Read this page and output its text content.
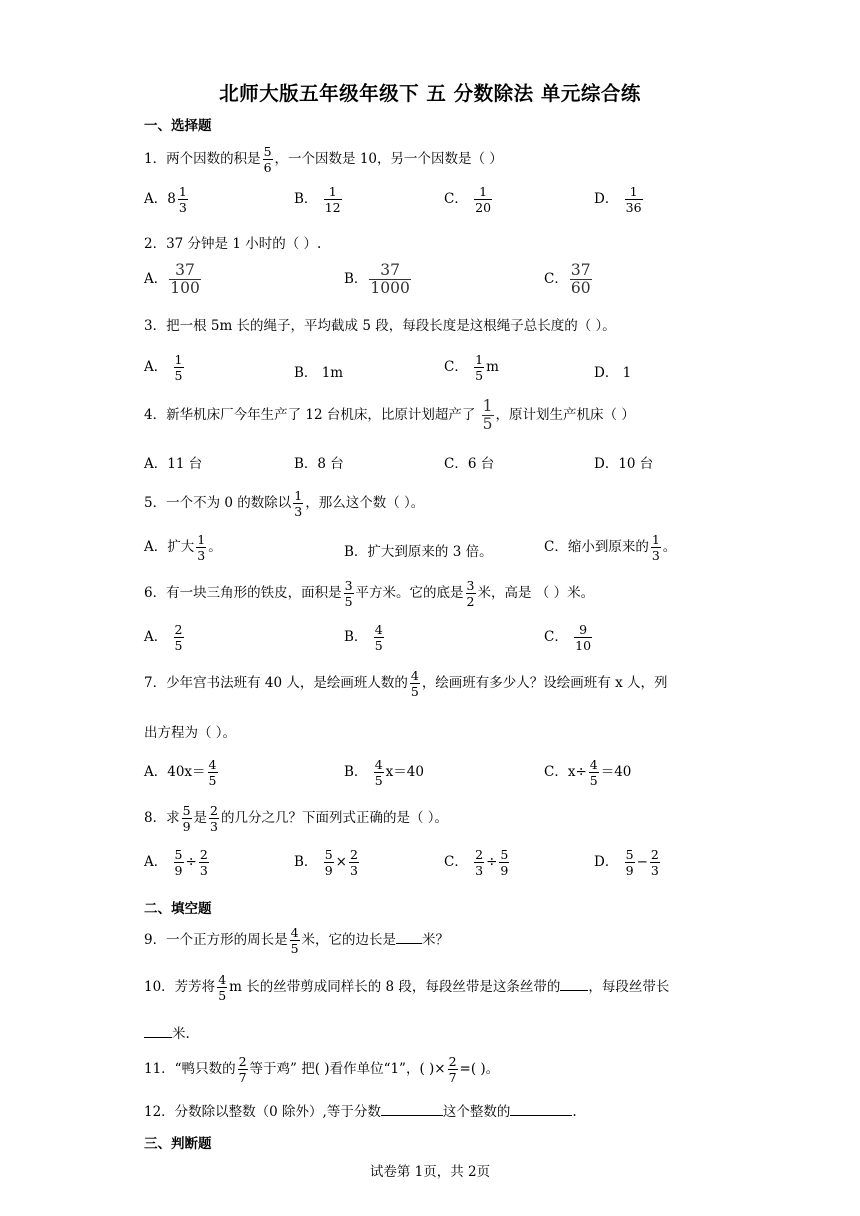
北师大版五年级年级下 五 分数除法 单元综合练
一、选择题
1．两个因数的积是 $\frac{5}{6}$ ，一个因数是 10，另一个因数是（ ）
A．$8 \frac{1}{3}$	B． $\frac{1}{12}$	C． $\frac{1}{20}$	D． $\frac{1}{36}$
2．37 分钟是 1 小时的（ ）.
A． $\frac{37}{100}$	B． $\frac{37}{1000}$	C． $\frac{37}{60}$
3．把一根 5m 长的绳子，平均截成 5 段，每段长度是这根绳子总长度的（ ）。
A． $\frac{1}{5}$	B． 1m	C． $\frac{1}{5}$ m	D． 1
4．新华机床厂今年生产了 12 台机床，比原计划超产了 $\frac{1}{5}$ ，原计划生产机床（ ）
A．11 台	B．8 台	C．6 台	D．10 台
5．一个不为 0 的数除以 $\frac{1}{3}$ ，那么这个数（ ）。
A．扩大 $\frac{1}{3}$ 。	B．扩大到原来的 3 倍。	C．缩小到原来的 $\frac{1}{3}$ 。
6．有一块三角形的铁皮，面积是 $\frac{3}{5}$ 平方米。它的底是 $\frac{3}{2}$ 米，高是 （ ）米。
A． $\frac{2}{5}$	B． $\frac{4}{5}$	C． $\frac{9}{10}$
7．少年宫书法班有 40 人，是绘画班人数的 $\frac{4}{5}$ ，绘画班有多少人？设绘画班有 x 人，列
出方程为（ ）。
A．$40x= \frac{4}{5}$	B． $\frac{4}{5} x=40$	C．$x\div \frac{4}{5} =40$
8．求 $\frac{5}{9}$ 是 $\frac{2}{3}$ 的几分之几？下面列式正确的是（ ）。
A． $\frac{5}{9} \div \frac{2}{3}$	B． $\frac{5}{9} \times \frac{2}{3}$	C． $\frac{2}{3} \div \frac{5}{9}$	D． $\frac{5}{9} - \frac{2}{3}$
二、填空题
9．一个正方形的周长是 $\frac{4}{5}$ 米，它的边长是 米？
10．芳芳将 $\frac{4}{5}$ m 长的丝带剪成同样长的 8 段，每段丝带是这条丝带的 ，每段丝带长
米.
11．“鸭只数的 $\frac{2}{7}$ 等于鸡” 把( )看作单位“1”，( )× $\frac{2}{7}$ =( )。
12．分数除以整数（0 除外）,等于分数	这个整数的	.
三、判断题
试卷第 1页，共 2页
